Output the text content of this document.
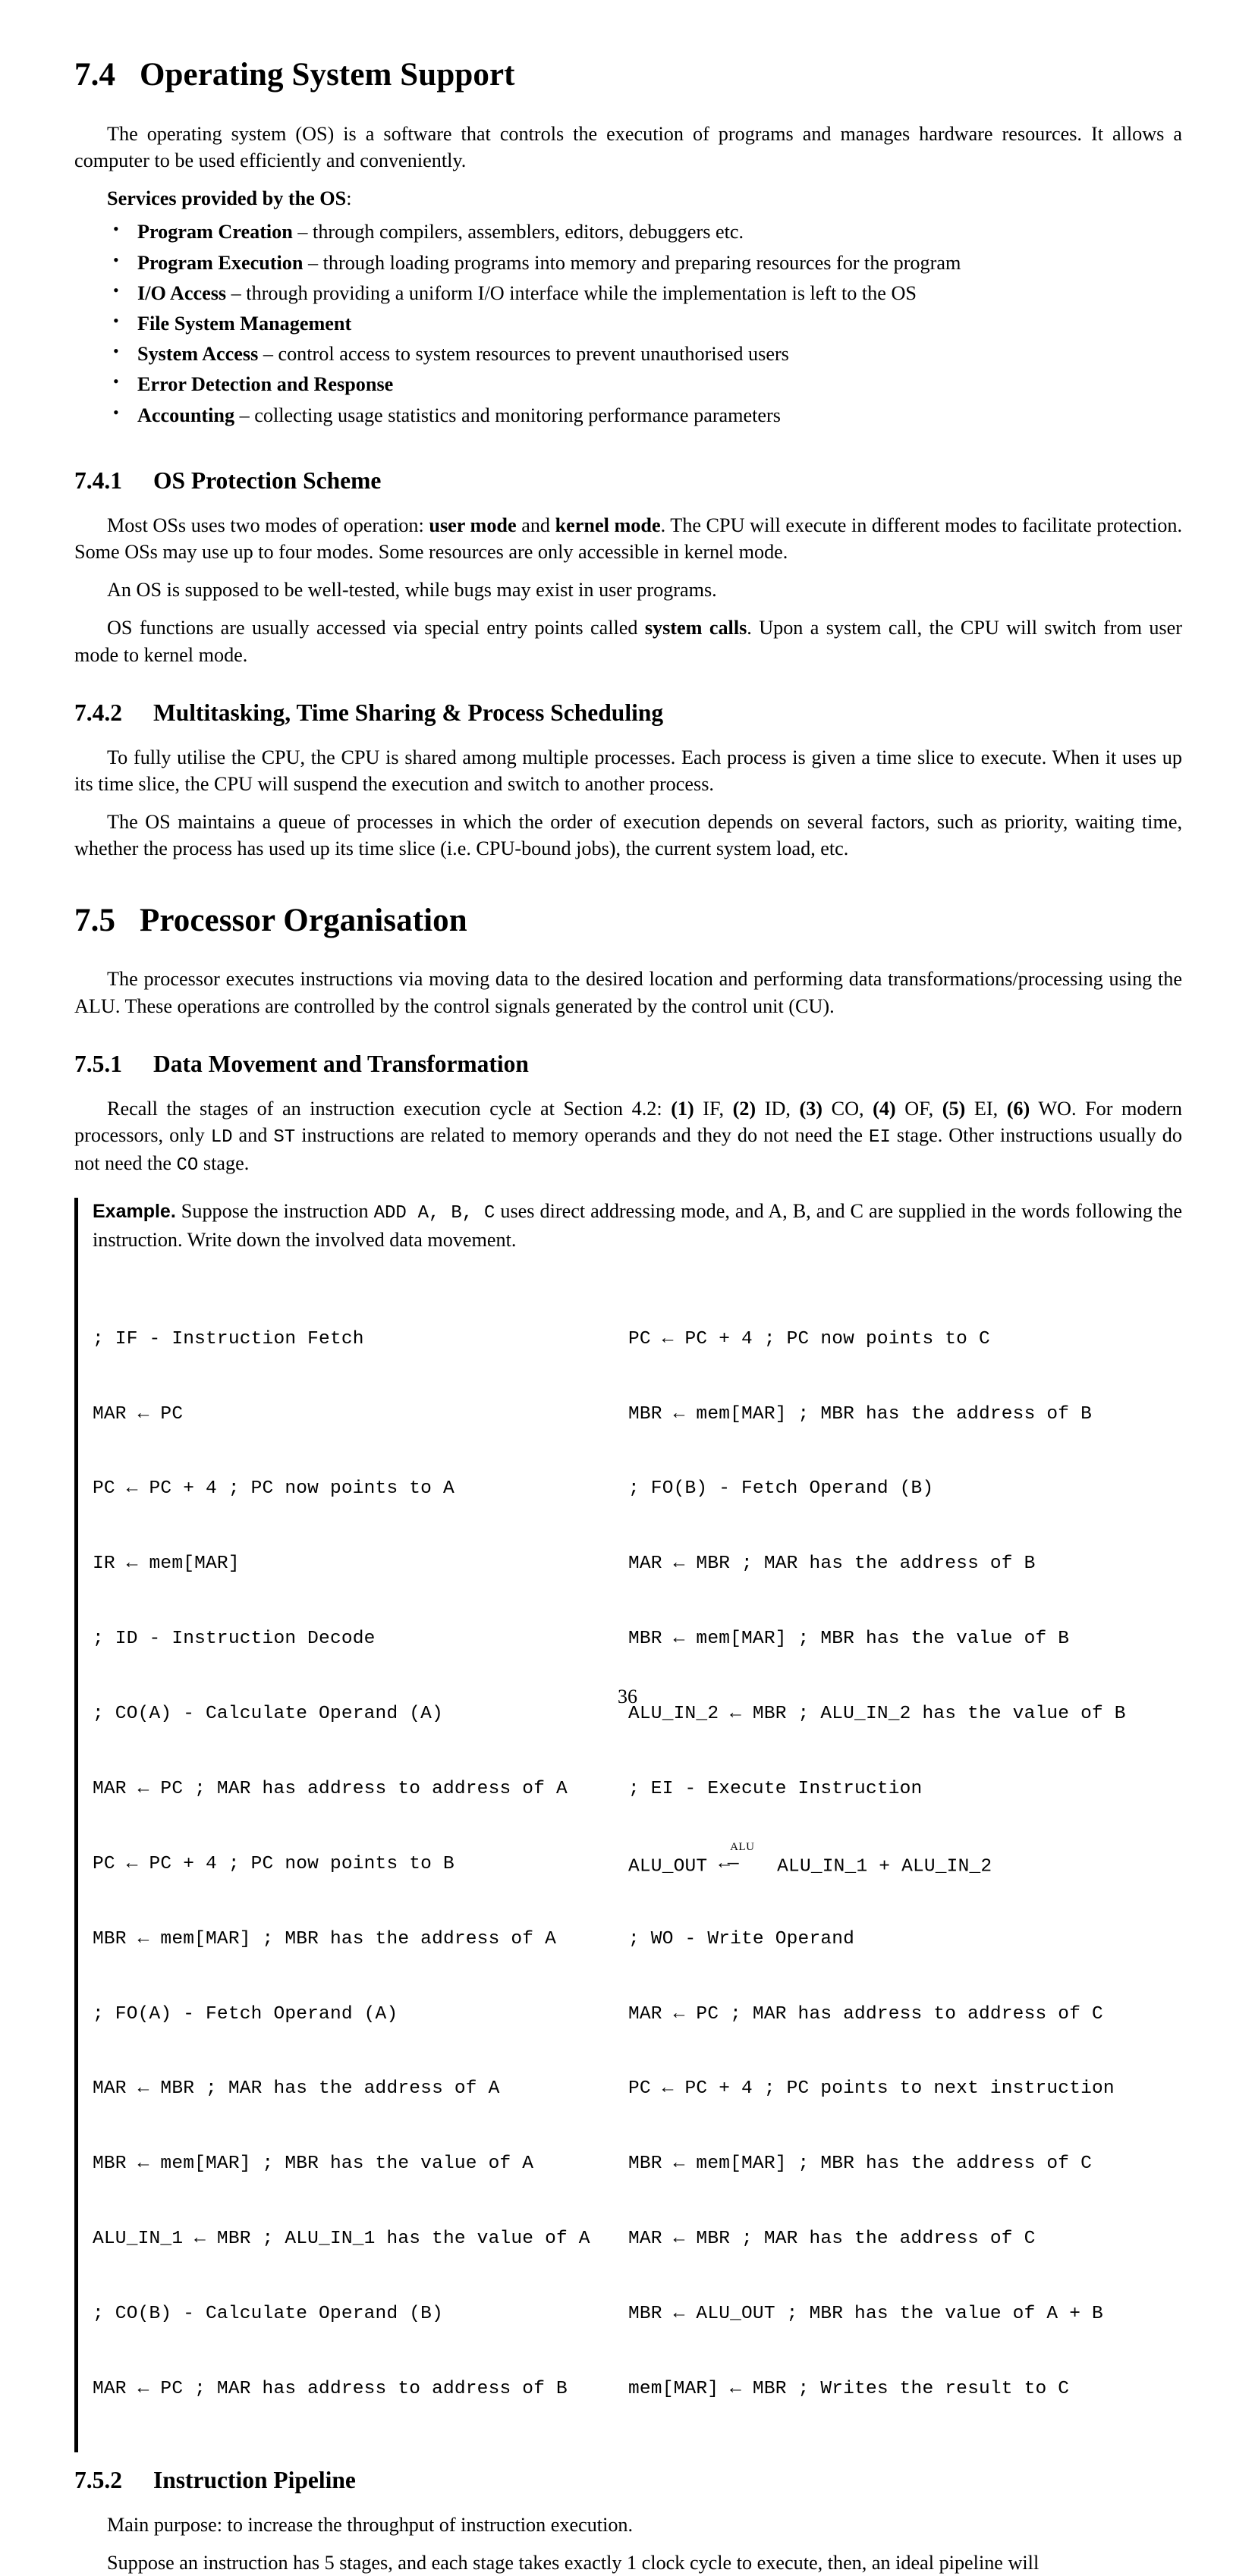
7.4 Operating System Support

The operating system (OS) is a software that controls the execution of programs and manages hardware resources. It allows a computer to be used efficiently and conveniently.

Services provided by the OS:

• Program Creation – through compilers, assemblers, editors, debuggers etc.
• Program Execution – through loading programs into memory and preparing resources for the program
• I/O Access – through providing a uniform I/O interface while the implementation is left to the OS
• File System Management
• System Access – control access to system resources to prevent unauthorised users
• Error Detection and Response
• Accounting – collecting usage statistics and monitoring performance parameters
7.4.1 OS Protection Scheme

Most OSs uses two modes of operation: user mode and kernel mode. The CPU will execute in different modes to facilitate protection. Some OSs may use up to four modes. Some resources are only accessible in kernel mode.

An OS is supposed to be well-tested, while bugs may exist in user programs.

OS functions are usually accessed via special entry points called system calls. Upon a system call, the CPU will switch from user mode to kernel mode.

7.4.2 Multitasking, Time Sharing & Process Scheduling

To fully utilise the CPU, the CPU is shared among multiple processes. Each process is given a time slice to execute. When it uses up its time slice, the CPU will suspend the execution and switch to another process.

The OS maintains a queue of processes in which the order of execution depends on several factors, such as priority, waiting time, whether the process has used up its time slice (i.e. CPU-bound jobs), the current system load, etc.

7.5 Processor Organisation

The processor executes instructions via moving data to the desired location and performing data transformations/processing using the ALU. These operations are controlled by the control signals generated by the control unit (CU).

7.5.1 Data Movement and Transformation

Recall the stages of an instruction execution cycle at Section 4.2: (1) IF, (2) ID, (3) CO, (4) OF, (5) EI, (6) WO. For modern processors, only LD and ST instructions are related to memory operands and they do not need the EI stage. Other instructions usually do not need the CO stage.

Example. Suppose the instruction ADD A, B, C uses direct addressing mode, and A, B, and C are supplied in the words following the instruction. Write down the involved data movement.

; IF - Instruction Fetch

MAR ← PC

PC ← PC + 4 ; PC now points to A

IR ← mem[MAR]

; ID - Instruction Decode

; CO(A) - Calculate Operand (A)

MAR ← PC ; MAR has address to address of A

PC ← PC + 4 ; PC now points to B

MBR ← mem[MAR] ; MBR has the address of A

; FO(A) - Fetch Operand (A)

MAR ← MBR ; MAR has the address of A

MBR ← mem[MAR] ; MBR has the value of A

ALU_IN_1 ← MBR ; ALU_IN_1 has the value of A

; CO(B) - Calculate Operand (B)

MAR ← PC ; MAR has address to address of B

PC ← PC + 4 ; PC now points to C

MBR ← mem[MAR] ; MBR has the address of B

; FO(B) - Fetch Operand (B)

MAR ← MBR ; MAR has the address of B

MBR ← mem[MAR] ; MBR has the value of B

ALU_IN_2 ← MBR ; ALU_IN_2 has the value of B

; EI - Execute Instruction

ALU_OUT
ALU
←— ALU_IN_1 + ALU_IN_2

; WO - Write Operand

MAR ← PC ; MAR has address to address of C

PC ← PC + 4 ; PC points to next instruction

MBR ← mem[MAR] ; MBR has the address of C

MAR ← MBR ; MAR has the address of C

MBR ← ALU_OUT ; MBR has the value of A + B

mem[MAR] ← MBR ; Writes the result to C

7.5.2 Instruction Pipeline

Main purpose: to increase the throughput of instruction execution.

Suppose an instruction has 5 stages, and each stage takes exactly 1 clock cycle to execute, then, an ideal pipeline will

36
